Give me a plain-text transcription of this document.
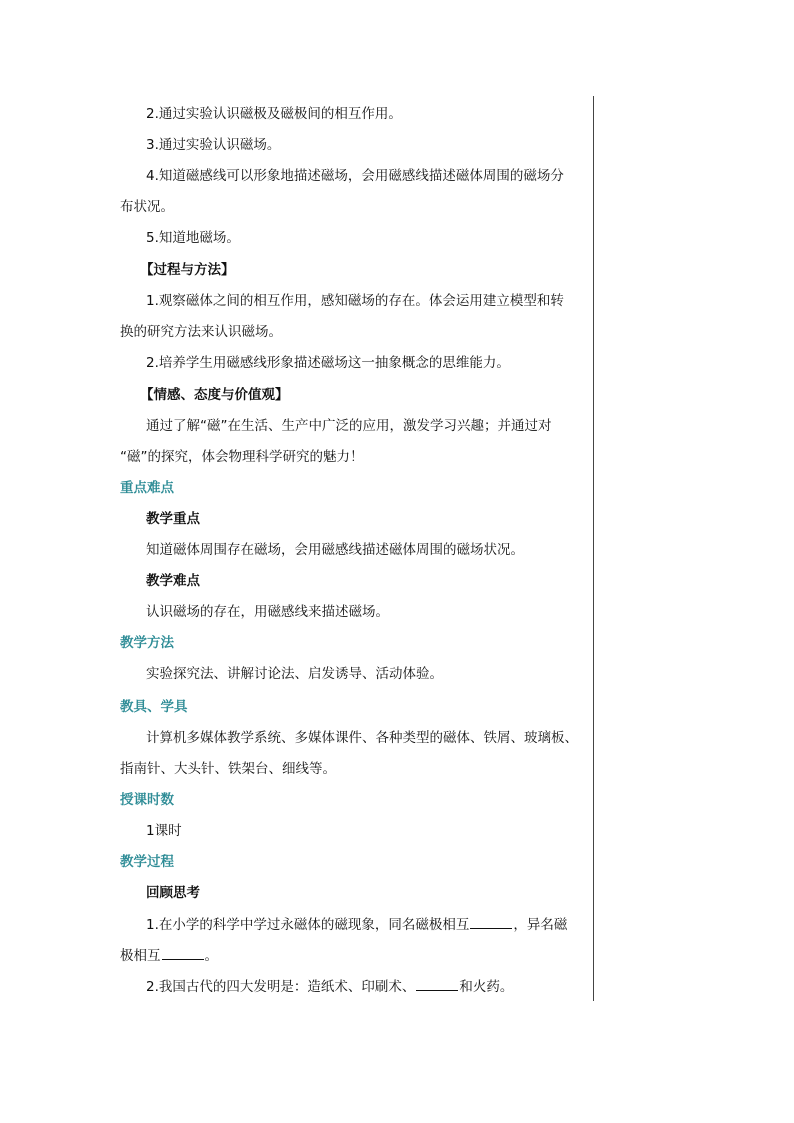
2.通过实验认识磁极及磁极间的相互作用。

3.通过实验认识磁场。

4.知道磁感线可以形象地描述磁场，会用磁感线描述磁体周围的磁场分

布状况。

5.知道地磁场。

【过程与方法】

1.观察磁体之间的相互作用，感知磁场的存在。体会运用建立模型和转

换的研究方法来认识磁场。

2.培养学生用磁感线形象描述磁场这一抽象概念的思维能力。

【情感、态度与价值观】

通过了解“磁”在生活、生产中广泛的应用，激发学习兴趣；并通过对

“磁”的探究，体会物理科学研究的魅力！

重点难点

教学重点

知道磁体周围存在磁场，会用磁感线描述磁体周围的磁场状况。

教学难点

认识磁场的存在，用磁感线来描述磁场。

教学方法

实验探究法、讲解讨论法、启发诱导、活动体验。

教具、学具

计算机多媒体教学系统、多媒体课件、各种类型的磁体、铁屑、玻璃板、

指南针、大头针、铁架台、细线等。

授课时数

1课时

教学过程

回顾思考

1.在小学的科学中学过永磁体的磁现象，同名磁极相互	，异名磁

极相互	。

2.我国古代的四大发明是：造纸术、印刷术、	和火药。
